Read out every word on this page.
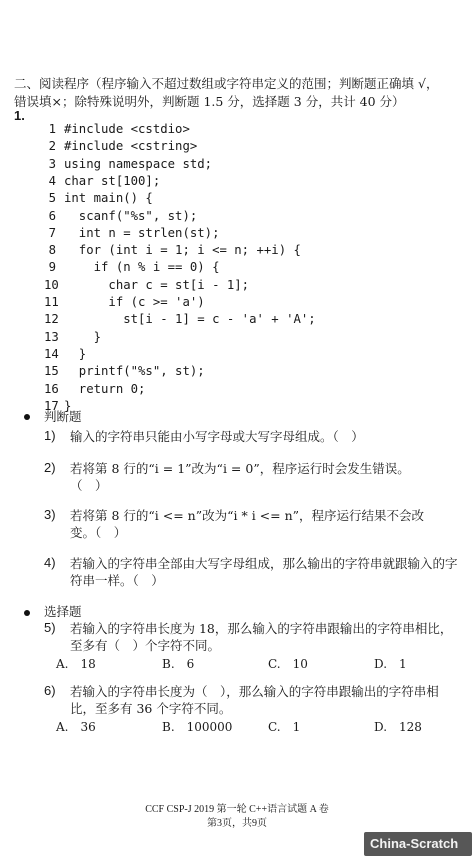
二、阅读程序（程序输入不超过数组或字符串定义的范围；判断题正确填 √，
错误填×；除特殊说明外，判断题 1.5 分，选择题 3 分，共计 40 分）
1.
1 #include <cstdio>
2 #include <cstring>
3 using namespace std;
4 char st[100];
5 int main() {
6  scanf("%s", st);
7  int n = strlen(st);
8  for (int i = 1; i <= n; ++i) {
9    if (n % i == 0) {
10      char c = st[i - 1];
11      if (c >= 'a')
12        st[i - 1] = c - 'a' + 'A';
13    }
14  }
15  printf("%s", st);
16  return 0;
17 }
判断题
1) 输入的字符串只能由小写字母或大写字母组成。（　）
2) 若将第 8 行的“i = 1”改为“i = 0”，程序运行时会发生错误。
（　）
3) 若将第 8 行的“i <= n”改为“i * i <= n”，程序运行结果不会改
变。（　）
4) 若输入的字符串全部由大写字母组成，那么输出的字符串就跟输入的字
符串一样。（　）
选择题
5) 若输入的字符串长度为 18，那么输入的字符串跟输出的字符串相比，
至多有（　）个字符不同。
A.　18	B.　6	C.　10	D.　1
6) 若输入的字符串长度为（　），那么输入的字符串跟输出的字符串相
比，至多有 36 个字符不同。
A.　36	B.　100000	C.　1	D.　128
CCF CSP-J 2019 第一轮 C++语言试题 A 卷
第3页，共9页
China-Scratch
